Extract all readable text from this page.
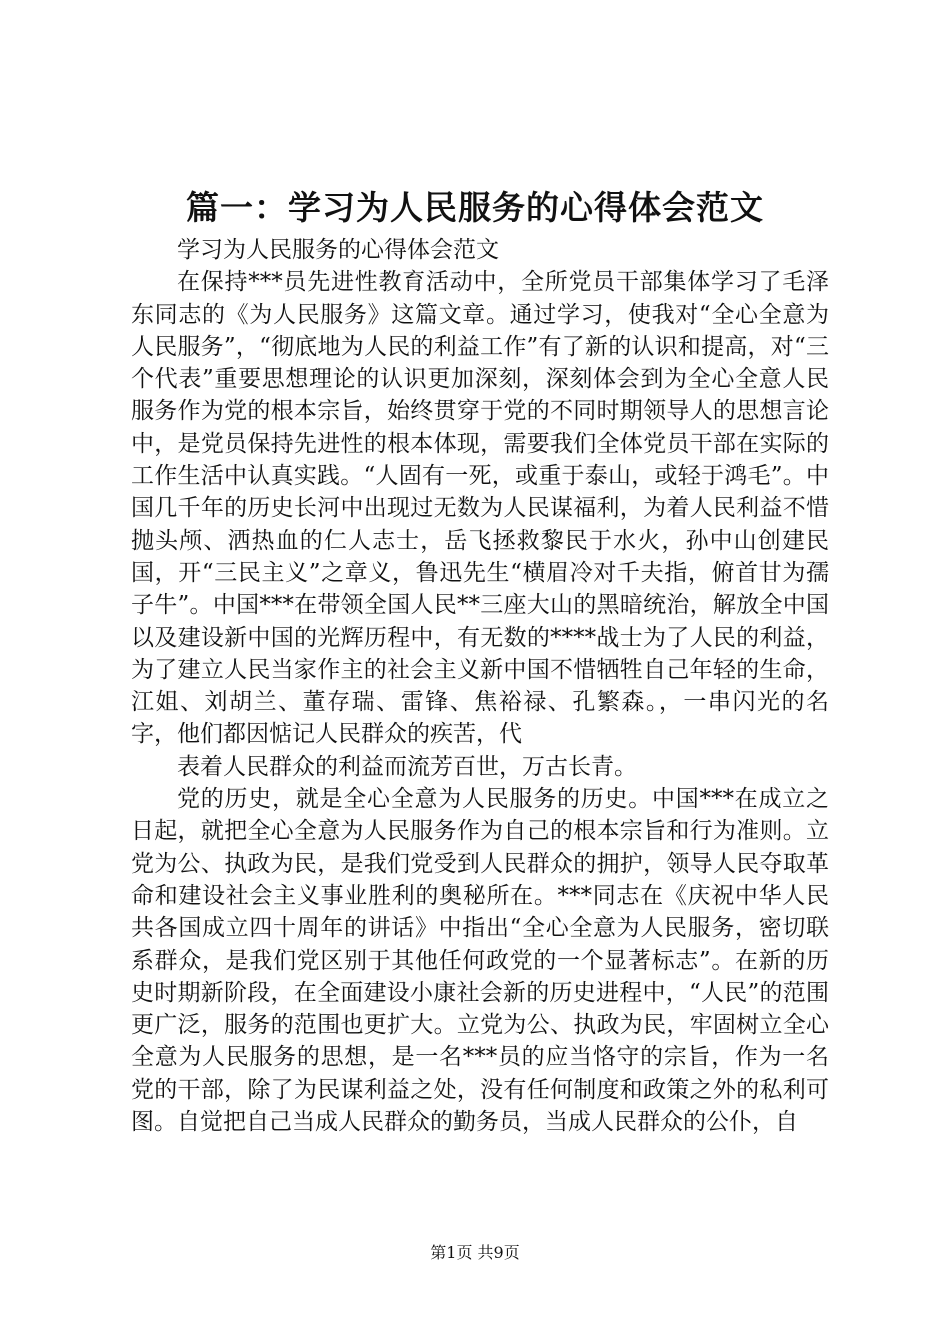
篇一：学习为人民服务的心得体会范文

学习为人民服务的心得体会范文

在保持***员先进性教育活动中，全所党员干部集体学习了毛泽东同志的《为人民服务》这篇文章。通过学习，使我对“全心全意为人民服务”，“彻底地为人民的利益工作”有了新的认识和提高，对“三个代表”重要思想理论的认识更加深刻，深刻体会到为全心全意人民服务作为党的根本宗旨，始终贯穿于党的不同时期领导人的思想言论中，是党员保持先进性的根本体现，需要我们全体党员干部在实际的工作生活中认真实践。“人固有一死，或重于泰山，或轻于鸿毛”。中国几千年的历史长河中出现过无数为人民谋福利，为着人民利益不惜抛头颅、洒热血的仁人志士，岳飞拯救黎民于水火，孙中山创建民国，开“三民主义”之章义，鲁迅先生“横眉冷对千夫指，俯首甘为孺子牛”。中国***在带领全国人民**三座大山的黑暗统治，解放全中国以及建设新中国的光辉历程中，有无数的****战士为了人民的利益，为了建立人民当家作主的社会主义新中国不惜牺牲自己年轻的生命，江姐、刘胡兰、董存瑞、雷锋、焦裕禄、孔繁森。，一串闪光的名字，他们都因惦记人民群众的疾苦，代

表着人民群众的利益而流芳百世，万古长青。

党的历史，就是全心全意为人民服务的历史。中国***在成立之日起，就把全心全意为人民服务作为自己的根本宗旨和行为准则。立党为公、执政为民，是我们党受到人民群众的拥护，领导人民夺取革命和建设社会主义事业胜利的奥秘所在。***同志在《庆祝中华人民共各国成立四十周年的讲话》中指出“全心全意为人民服务，密切联系群众，是我们党区别于其他任何政党的一个显著标志”。在新的历史时期新阶段，在全面建设小康社会新的历史进程中，“人民”的范围更广泛，服务的范围也更扩大。立党为公、执政为民，牢固树立全心全意为人民服务的思想，是一名***员的应当恪守的宗旨，作为一名党的干部，除了为民谋利益之处，没有任何制度和政策之外的私利可图。自觉把自己当成人民群众的勤务员，当成人民群众的公仆，自

第1页 共9页
